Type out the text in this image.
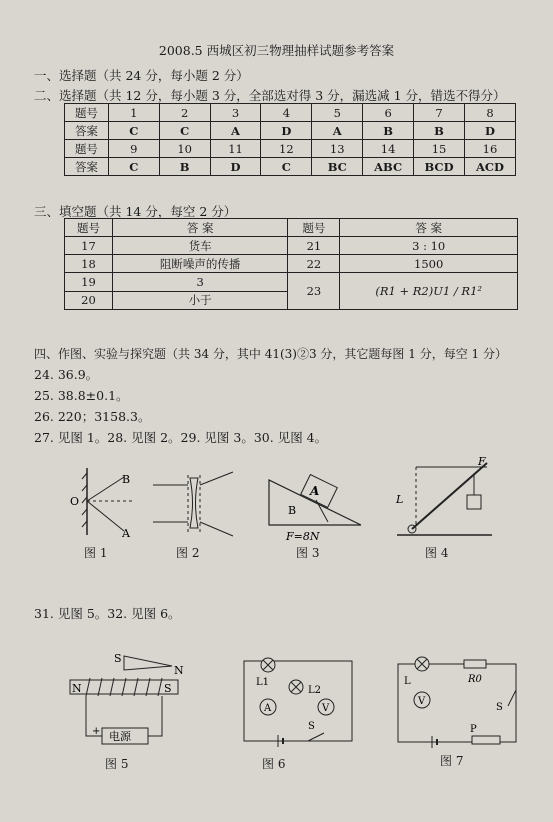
2008.5 西城区初三物理抽样试题参考答案
一、选择题（共 24 分，每小题 2 分）
二、选择题（共 12 分，每小题 3 分，全部选对得 3 分，漏选减 1 分，错选不得分）
题号	1	2	3	4	5	6	7	8
答案	C	C	A	D	A	B	B	D
题号	9	10	11	12	13	14	15	16
答案	C	B	D	C	BC	ABC	BCD	ACD
三、填空题（共 14 分，每空 2 分）
题号	答 案	题号	答 案
17	货车	21	3 : 10
18	阻断噪声的传播	22	1500
19	3	23	(R1 + R2)U1 / R1²
20	小于		
四、作图、实验与探究题（共 34 分，其中 41(3)②3 分，其它题每图 1 分，每空 1 分）
24. 36.9。
25. 38.8±0.1。
26. 220；3158.3。
27. 见图 1。28. 见图 2。29. 见图 3。30. 见图 4。
B
O
A
图 1	图 2
A
B
F=8N
图 3
F
L
图 4
31. 见图 5。32. 见图 6。
S
N
N	S
+ 电源
图 5
L1
L2
A	V
S
图 6
L	R0
V
S
P
图 7
